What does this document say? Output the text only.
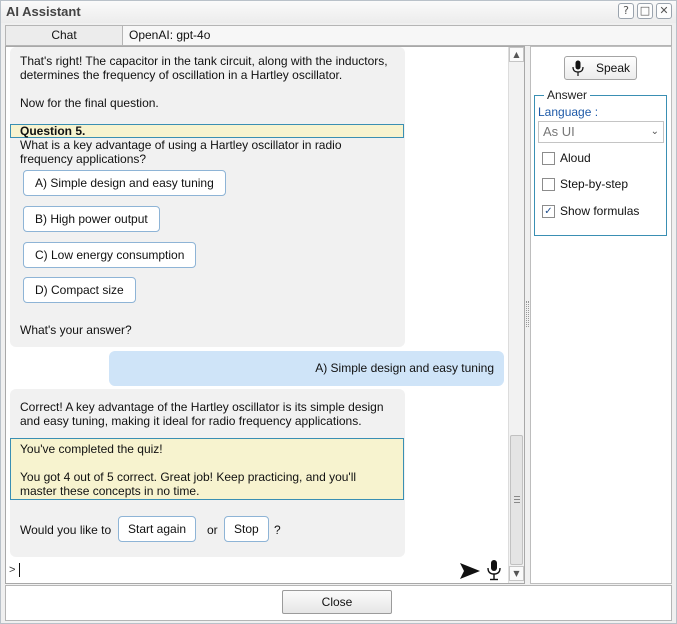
AI Assistant	? □ ✕
Chat	OpenAI: gpt-4o
That's right! The capacitor in the tank circuit, along with the inductors,
determines the frequency of oscillation in a Hartley oscillator.
Now for the final question.
Question 5.
What is a key advantage of using a Hartley oscillator in radio
frequency applications?
A) Simple design and easy tuning
B) High power output
C) Low energy consumption
D) Compact size
What's your answer?
A) Simple design and easy tuning
Correct! A key advantage of the Hartley oscillator is its simple design
and easy tuning, making it ideal for radio frequency applications.
You've completed the quiz!
You got 4 out of 5 correct. Great job! Keep practicing, and you'll
master these concepts in no time.
Would you like to	Start again	or	Stop	?
>
▲
▼
Speak
Answer
Language :
As UI	⌄
Aloud
Step-by-step
✓ Show formulas
Close
